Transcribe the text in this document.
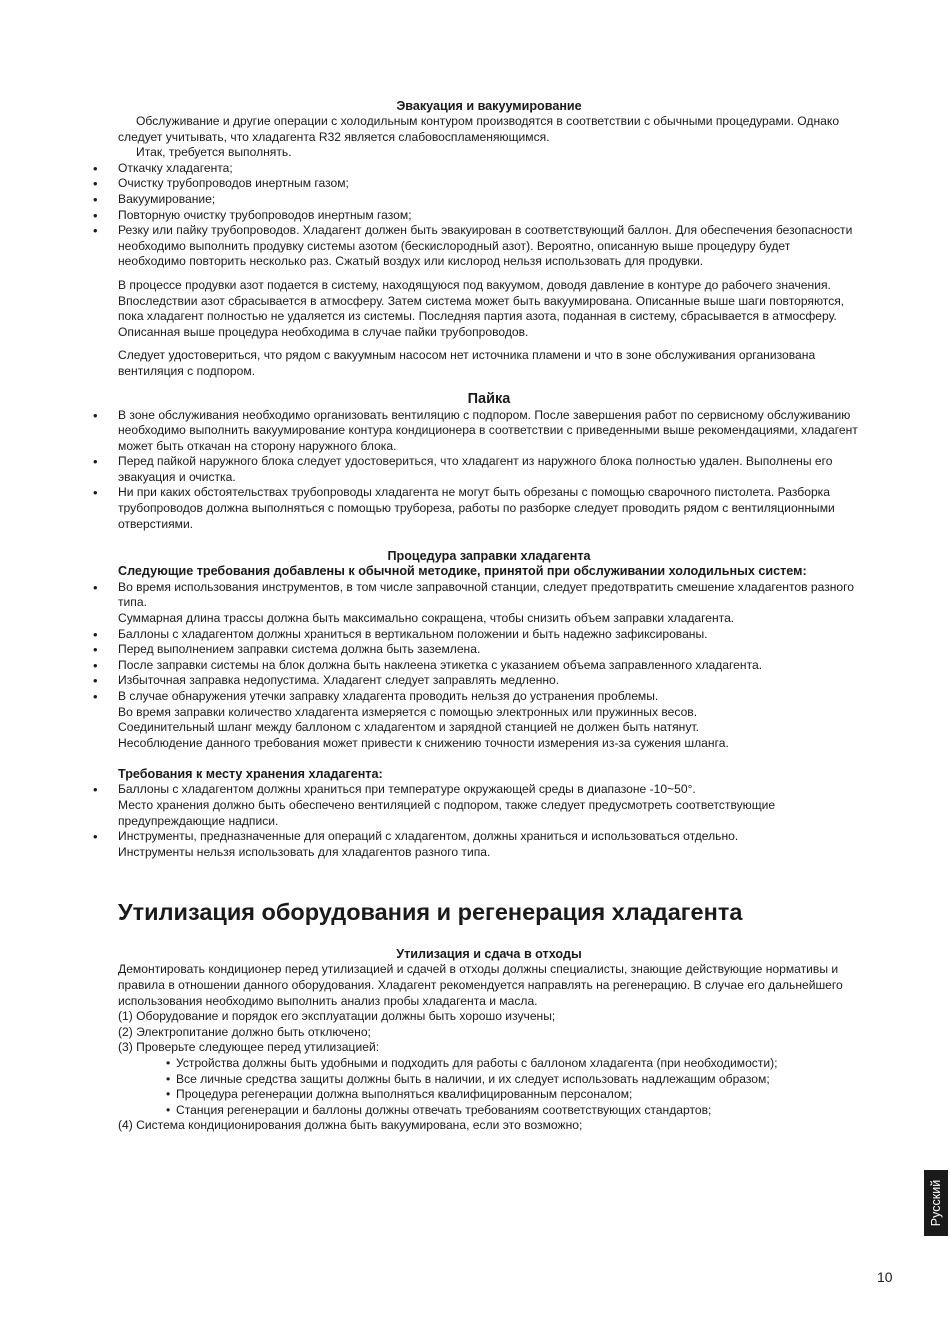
Эвакуация и вакуумирование

Обслуживание и другие операции с холодильным контуром производятся в соответствии с обычными процедурами. Однако следует учитывать, что хладагента R32 является слабовоспламеняющимся.

Итак, требуется выполнять.

• Откачку хладагента;
• Очистку трубопроводов инертным газом;
• Вакуумирование;
• Повторную очистку трубопроводов инертным газом;
• Резку или пайку трубопроводов. Хладагент должен быть эвакуирован в соответствующий баллон. Для обеспечения безопасности необходимо выполнить продувку системы азотом (бескислородный азот). Вероятно, описанную выше процедуру будет необходимо повторить несколько раз. Сжатый воздух или кислород нельзя использовать для продувки.

В процессе продувки азот подается в систему, находящуюся под вакуумом, доводя давление в контуре до рабочего значения. Впоследствии азот сбрасывается в атмосферу. Затем система может быть вакуумирована. Описанные выше шаги повторяются, пока хладагент полностью не удаляется из системы. Последняя партия азота, поданная в систему, сбрасывается в атмосферу.

Описанная выше процедура необходима в случае пайки трубопроводов.

Следует удостовериться, что рядом с вакуумным насосом нет источника пламени и что в зоне обслуживания организована вентиляция с подпором.

Пайка
• В зоне обслуживания необходимо организовать вентиляцию с подпором. После завершения работ по сервисному обслуживанию необходимо выполнить вакуумирование контура кондиционера в соответствии с приведенными выше рекомендациями, хладагент может быть откачан на сторону наружного блока.
• Перед пайкой наружного блока следует удостовериться, что хладагент из наружного блока полностью удален. Выполнены его эвакуация и очистка.
• Ни при каких обстоятельствах трубопроводы хладагента не могут быть обрезаны с помощью сварочного пистолета. Разборка трубопроводов должна выполняться с помощью трубореза, работы по разборке следует проводить рядом с вентиляционными отверстиями.
Процедура заправки хладагента

Следующие требования добавлены к обычной методике, принятой при обслуживании холодильных систем:

• Во время использования инструментов, в том числе заправочной станции, следует предотвратить смешение хладагентов разного типа.

Суммарная длина трассы должна быть максимально сокращена, чтобы снизить объем заправки хладагента.

• Баллоны с хладагентом должны храниться в вертикальном положении и быть надежно зафиксированы.
• Перед выполнением заправки система должна быть заземлена.
• После заправки системы на блок должна быть наклеена этикетка с указанием объема заправленного хладагента.
• Избыточная заправка недопустима. Хладагент следует заправлять медленно.
• В случае обнаружения утечки заправку хладагента проводить нельзя до устранения проблемы.

Во время заправки количество хладагента измеряется с помощью электронных или пружинных весов.

Соединительный шланг между баллоном с хладагентом и зарядной станцией не должен быть натянут.

Несоблюдение данного требования может привести к снижению точности измерения из-за сужения шланга.

Требования к месту хранения хладагента:
• Баллоны с хладагентом должны храниться при температуре окружающей среды в диапазоне -10~50°.

Место хранения должно быть обеспечено вентиляцией с подпором, также следует предусмотреть соответствующие предупреждающие надписи.

• Инструменты, предназначенные для операций с хладагентом, должны храниться и использоваться отдельно.

Инструменты нельзя использовать для хладагентов разного типа.

Утилизация оборудования и регенерация хладагента
Утилизация и сдача в отходы

Демонтировать кондиционер перед утилизацией и сдачей в отходы должны специалисты, знающие действующие нормативы и правила в отношении данного оборудования. Хладагент рекомендуется направлять на регенерацию. В случае его дальнейшего использования необходимо выполнить анализ пробы хладагента и масла.

(1) Оборудование и порядок его эксплуатации должны быть хорошо изучены;

(2) Электропитание должно быть отключено;

(3) Проверьте следующее перед утилизацией:

• Устройства должны быть удобными и подходить для работы с баллоном хладагента (при необходимости);
• Все личные средства защиты должны быть в наличии, и их следует использовать надлежащим образом;
• Процедура регенерации должна выполняться квалифицированным персоналом;
• Станция регенерации и баллоны должны отвечать требованиям соответствующих стандартов;

(4) Система кондиционирования должна быть вакуумирована, если это возможно;

Русский
10
